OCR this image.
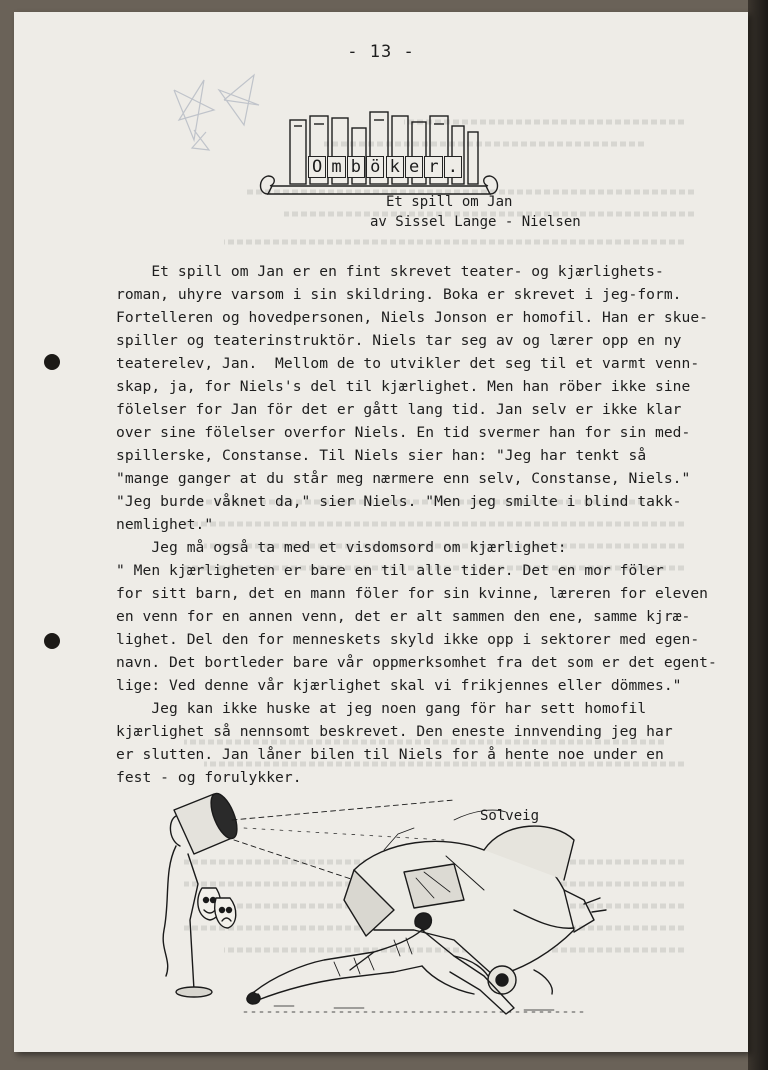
- 13 -
O m b ö k e r .
Et spill om Jan
av Sissel Lange - Nielsen
Et spill om Jan er en fint skrevet teater- og kjærlighets-
roman, uhyre varsom i sin skildring. Boka er skrevet i jeg-form.
Fortelleren og hovedpersonen, Niels Jonson er homofil. Han er skue-
spiller og teaterinstruktör. Niels tar seg av og lærer opp en ny
teaterelev, Jan.  Mellom de to utvikler det seg til et varmt venn-
skap, ja, for Niels's del til kjærlighet. Men han röber ikke sine
fölelser for Jan för det er gått lang tid. Jan selv er ikke klar
over sine fölelser overfor Niels. En tid svermer han for sin med-
spillerske, Constanse. Til Niels sier han: "Jeg har tenkt så
"mange ganger at du står meg nærmere enn selv, Constanse, Niels."
"Jeg burde våknet da," sier Niels. "Men jeg smilte i blind takk-
nemlighet."
Jeg må også ta med et visdomsord om kjærlighet:
" Men kjærligheten er bare en til alle tider. Det en mor föler
for sitt barn, det en mann föler for sin kvinne, læreren for eleven
en venn for en annen venn, det er alt sammen den ene, samme kjræ-
lighet. Del den for menneskets skyld ikke opp i sektorer med egen-
navn. Det bortleder bare vår oppmerksomhet fra det som er det egent-
lige: Ved denne vår kjærlighet skal vi frikjennes eller dömmes."
Jeg kan ikke huske at jeg noen gang för har sett homofil
kjærlighet så nennsomt beskrevet. Den eneste innvending jeg har
er slutten. Jan låner bilen til Niels for å hente noe under en
fest - og forulykker.
Solveig
